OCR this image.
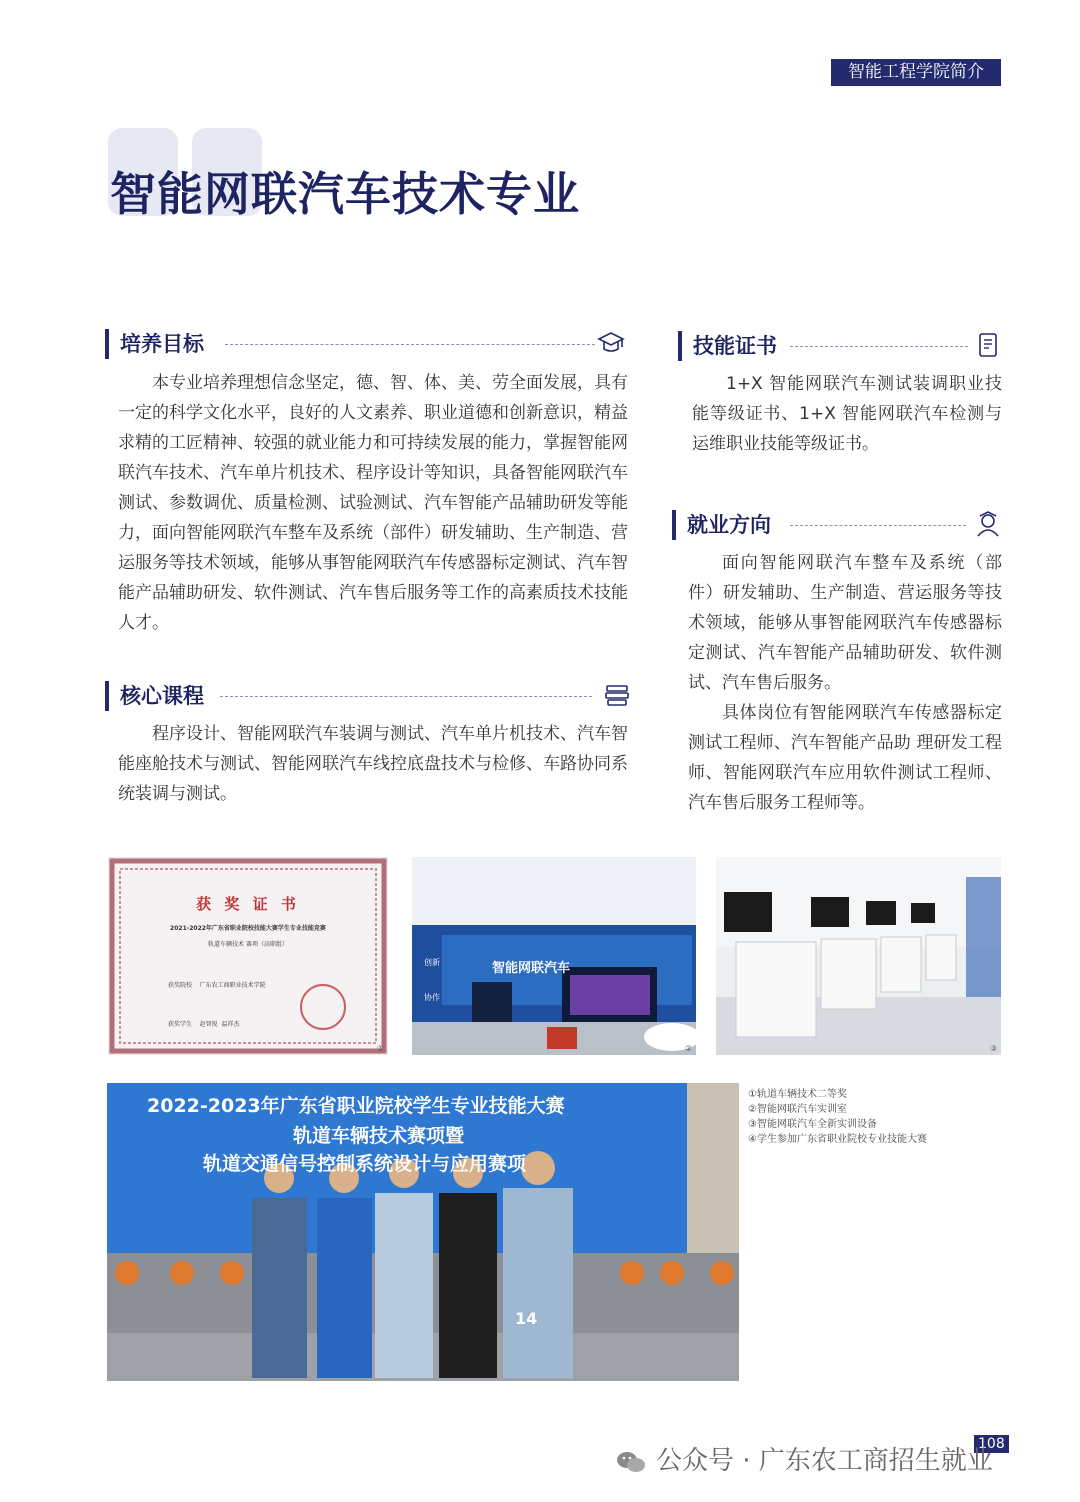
智能工程学院简介
智能网联汽车技术专业
培养目标

本专业培养理想信念坚定，德、智、体、美、劳全面发展，具有一定的科学文化水平，良好的人文素养、职业道德和创新意识，精益求精的工匠精神、较强的就业能力和可持续发展的能力，掌握智能网联汽车技术、汽车单片机技术、程序设计等知识，具备智能网联汽车测试、参数调优、质量检测、试验测试、汽车智能产品辅助研发等能力，面向智能网联汽车整车及系统（部件）研发辅助、生产制造、营运服务等技术领域，能够从事智能网联汽车传感器标定测试、汽车智能产品辅助研发、软件测试、汽车售后服务等工作的高素质技术技能人才。

核心课程

程序设计、智能网联汽车装调与测试、汽车单片机技术、汽车智能座舱技术与测试、智能网联汽车线控底盘技术与检修、车路协同系统装调与测试。

技能证书

1+X 智能网联汽车测试装调职业技能等级证书、1+X 智能网联汽车检测与运维职业技能等级证书。

就业方向

面向智能网联汽车整车及系统（部件）研发辅助、生产制造、营运服务等技术领域，能够从事智能网联汽车传感器标定测试、汽车智能产品辅助研发、软件测试、汽车售后服务。

具体岗位有智能网联汽车传感器标定测试工程师、汽车智能产品助 理研发工程师、智能网联汽车应用软件测试工程师、汽车售后服务工程师等。

获 奖 证 书
2021-2022年广东省职业院校技能大赛学生专业技能竞赛
轨道车辆技术 赛项（高职组）

获奖院校    广东农工商职业技术学院

获奖学生    赵智锐  温祥杰

①
智能网联汽车
创新
协作
②	③
2022-2023年广东省职业院校学生专业技能大赛
轨道车辆技术赛项暨
轨道交通信号控制系统设计与应用赛项
14
①轨道车辆技术二等奖
②智能网联汽车实训室
③智能网联汽车全新实训设备
④学生参加广东省职业院校专业技能大赛
108
公众号 · 广东农工商招生就业
